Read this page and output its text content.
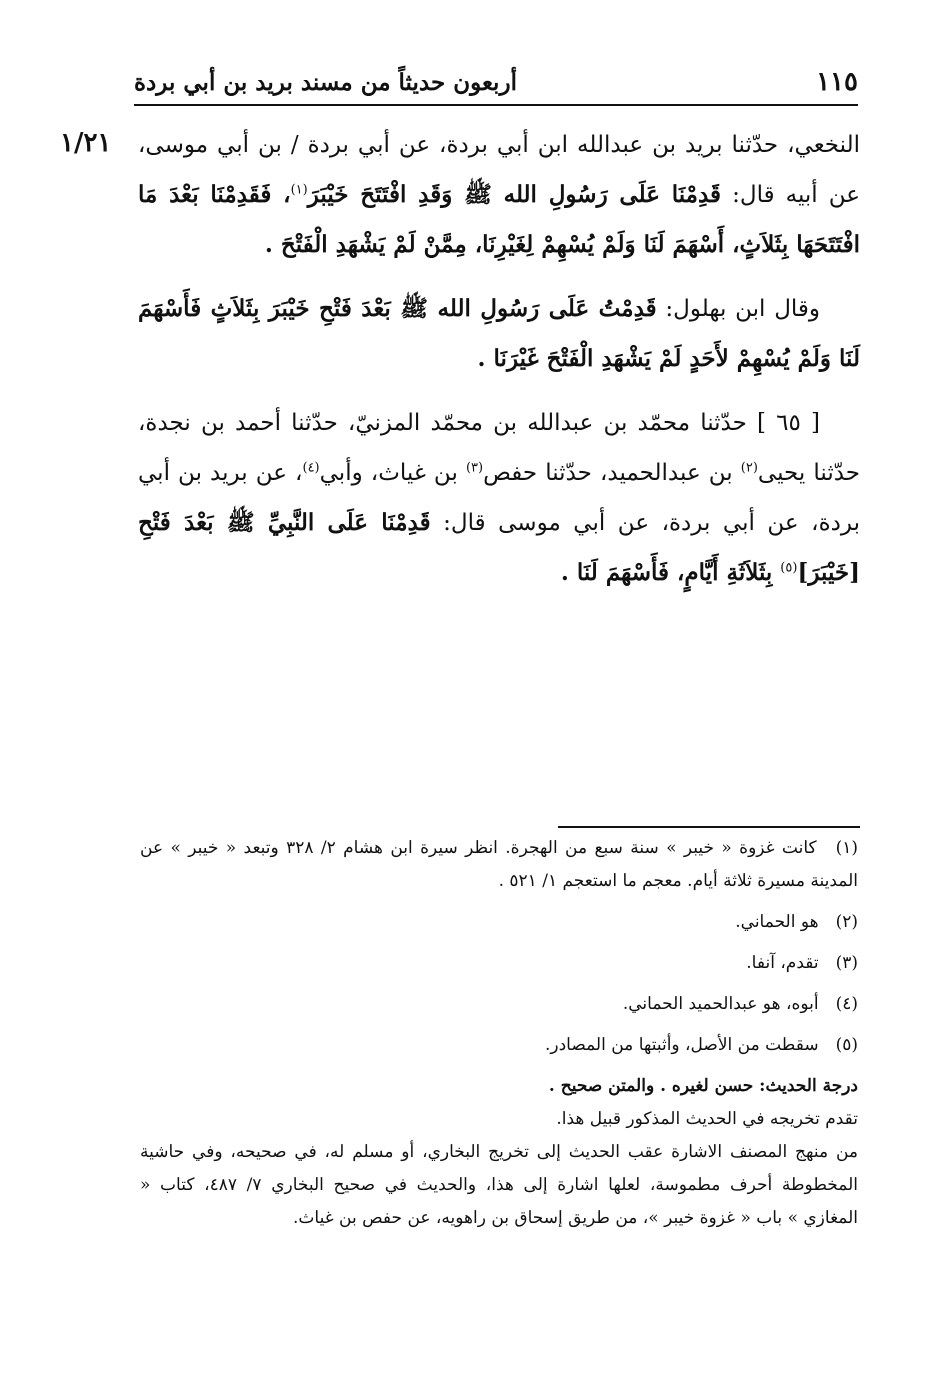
١١٥
أربعون حديثاً من مسند بريد بن أبي بردة
١/٢١	النخعي، حدّثنا بريد بن عبدالله ابن أبي بردة، عن أبي بردة / بن أبي موسى، عن أبيه قال: قَدِمْنَا عَلَى رَسُولِ الله ﷺ وَقَدِ افْتَتَحَ خَيْبَرَ$^{(١)}$، فَقَدِمْنَا بَعْدَ مَا افْتَتَحَهَا بِثَلاَثٍ، أَسْهَمَ لَنَا وَلَمْ يُسْهِمْ لِغَيْرِنَا، مِمَّنْ لَمْ يَشْهَدِ الْفَتْحَ .

وقال ابن بهلول: قَدِمْتُ عَلَى رَسُولِ الله ﷺ بَعْدَ فَتْحِ خَيْبَرَ بِثَلاَثٍ فَأَسْهَمَ لَنَا وَلَمْ يُسْهِمْ لأَحَدٍ لَمْ يَشْهَدِ الْفَتْحَ غَيْرَنَا .

[ ٦٥ ] حدّثنا محمّد بن عبدالله بن محمّد المزنيّ، حدّثنا أحمد بن نجدة، حدّثنا يحيى$^{(٢)}$ بن عبدالحميد، حدّثنا حفص$^{(٣)}$ بن غياث، وأبي$^{(٤)}$، عن بريد بن أبي بردة، عن أبي بردة، عن أبي موسى قال: قَدِمْنَا عَلَى النَّبِيِّ ﷺ بَعْدَ فَتْحِ [خَيْبَرَ]$^{(٥)}$ بِثَلاَثَةِ أَيَّامٍ، فَأَسْهَمَ لَنَا .

(١) كانت غزوة « خيبر » سنة سبع من الهجرة. انظر سيرة ابن هشام ٢/ ٣٢٨ وتبعد « خيبر » عن المدينة مسيرة ثلاثة أيام. معجم ما استعجم ١/ ٥٢١ .

(٢) هو الحماني.

(٣) تقدم، آنفا.

(٤) أبوه، هو عبدالحميد الحماني.

(٥) سقطت من الأصل، وأثبتها من المصادر.

درجة الحديث: حسن لغيره . والمتن صحيح .

تقدم تخريجه في الحديث المذكور قبيل هذا.

من منهج المصنف الاشارة عقب الحديث إلى تخريج البخاري، أو مسلم له، في صحيحه، وفي حاشية المخطوطة أحرف مطموسة، لعلها اشارة إلى هذا، والحديث في صحيح البخاري ٧/ ٤٨٧، كتاب « المغازي » باب « غزوة خيبر »، من طريق إسحاق بن راهويه، عن حفص بن غياث.
